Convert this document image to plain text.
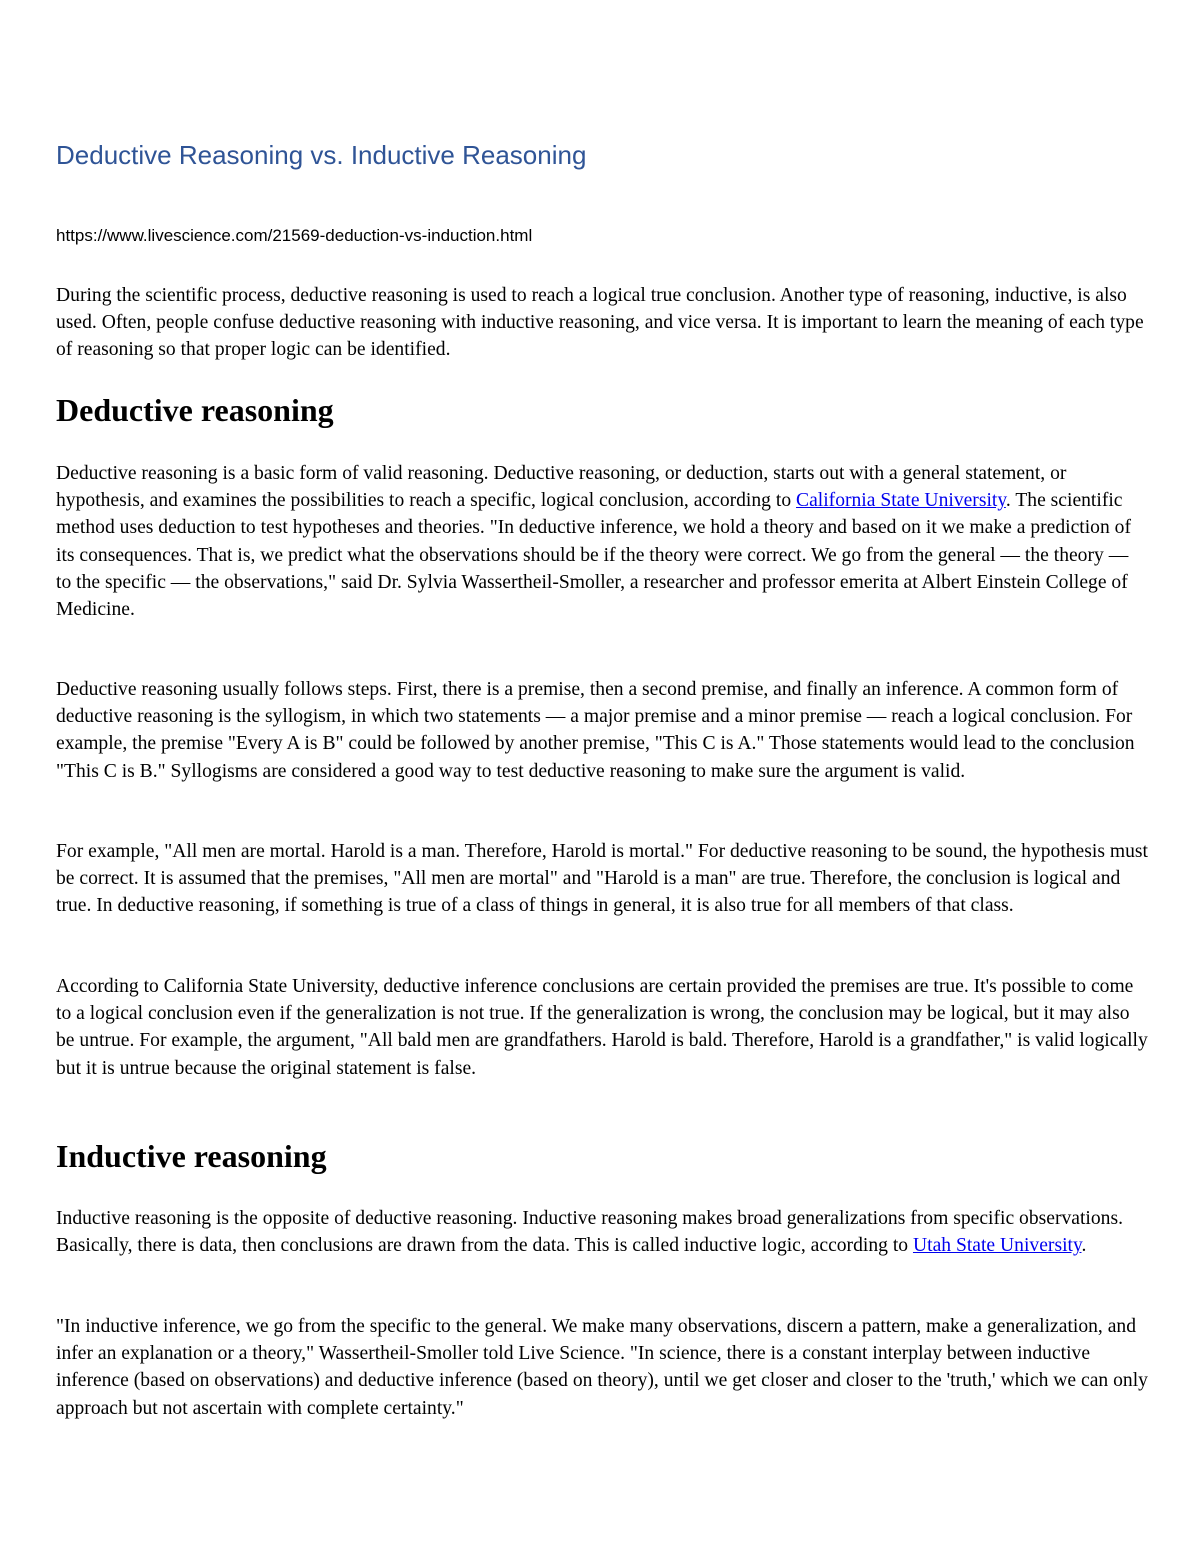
Deductive Reasoning vs. Inductive Reasoning

https://www.livescience.com/21569-deduction-vs-induction.html

During the scientific process, deductive reasoning is used to reach a logical true conclusion. Another type of reasoning, inductive, is also used. Often, people confuse deductive reasoning with inductive reasoning, and vice versa. It is important to learn the meaning of each type of reasoning so that proper logic can be identified.

Deductive reasoning

Deductive reasoning is a basic form of valid reasoning. Deductive reasoning, or deduction, starts out with a general statement, or hypothesis, and examines the possibilities to reach a specific, logical conclusion, according to California State University. The scientific method uses deduction to test hypotheses and theories. "In deductive inference, we hold a theory and based on it we make a prediction of its consequences. That is, we predict what the observations should be if the theory were correct. We go from the general — the theory — to the specific — the observations," said Dr. Sylvia Wassertheil-Smoller, a researcher and professor emerita at Albert Einstein College of Medicine.

Deductive reasoning usually follows steps. First, there is a premise, then a second premise, and finally an inference. A common form of deductive reasoning is the syllogism, in which two statements — a major premise and a minor premise — reach a logical conclusion. For example, the premise "Every A is B" could be followed by another premise, "This C is A." Those statements would lead to the conclusion "This C is B." Syllogisms are considered a good way to test deductive reasoning to make sure the argument is valid.

For example, "All men are mortal. Harold is a man. Therefore, Harold is mortal." For deductive reasoning to be sound, the hypothesis must be correct. It is assumed that the premises, "All men are mortal" and "Harold is a man" are true. Therefore, the conclusion is logical and true. In deductive reasoning, if something is true of a class of things in general, it is also true for all members of that class.

According to California State University, deductive inference conclusions are certain provided the premises are true. It's possible to come to a logical conclusion even if the generalization is not true. If the generalization is wrong, the conclusion may be logical, but it may also be untrue. For example, the argument, "All bald men are grandfathers. Harold is bald. Therefore, Harold is a grandfather," is valid logically but it is untrue because the original statement is false.

Inductive reasoning

Inductive reasoning is the opposite of deductive reasoning. Inductive reasoning makes broad generalizations from specific observations. Basically, there is data, then conclusions are drawn from the data. This is called inductive logic, according to Utah State University.

"In inductive inference, we go from the specific to the general. We make many observations, discern a pattern, make a generalization, and infer an explanation or a theory," Wassertheil-Smoller told Live Science. "In science, there is a constant interplay between inductive inference (based on observations) and deductive inference (based on theory), until we get closer and closer to the 'truth,' which we can only approach but not ascertain with complete certainty."
